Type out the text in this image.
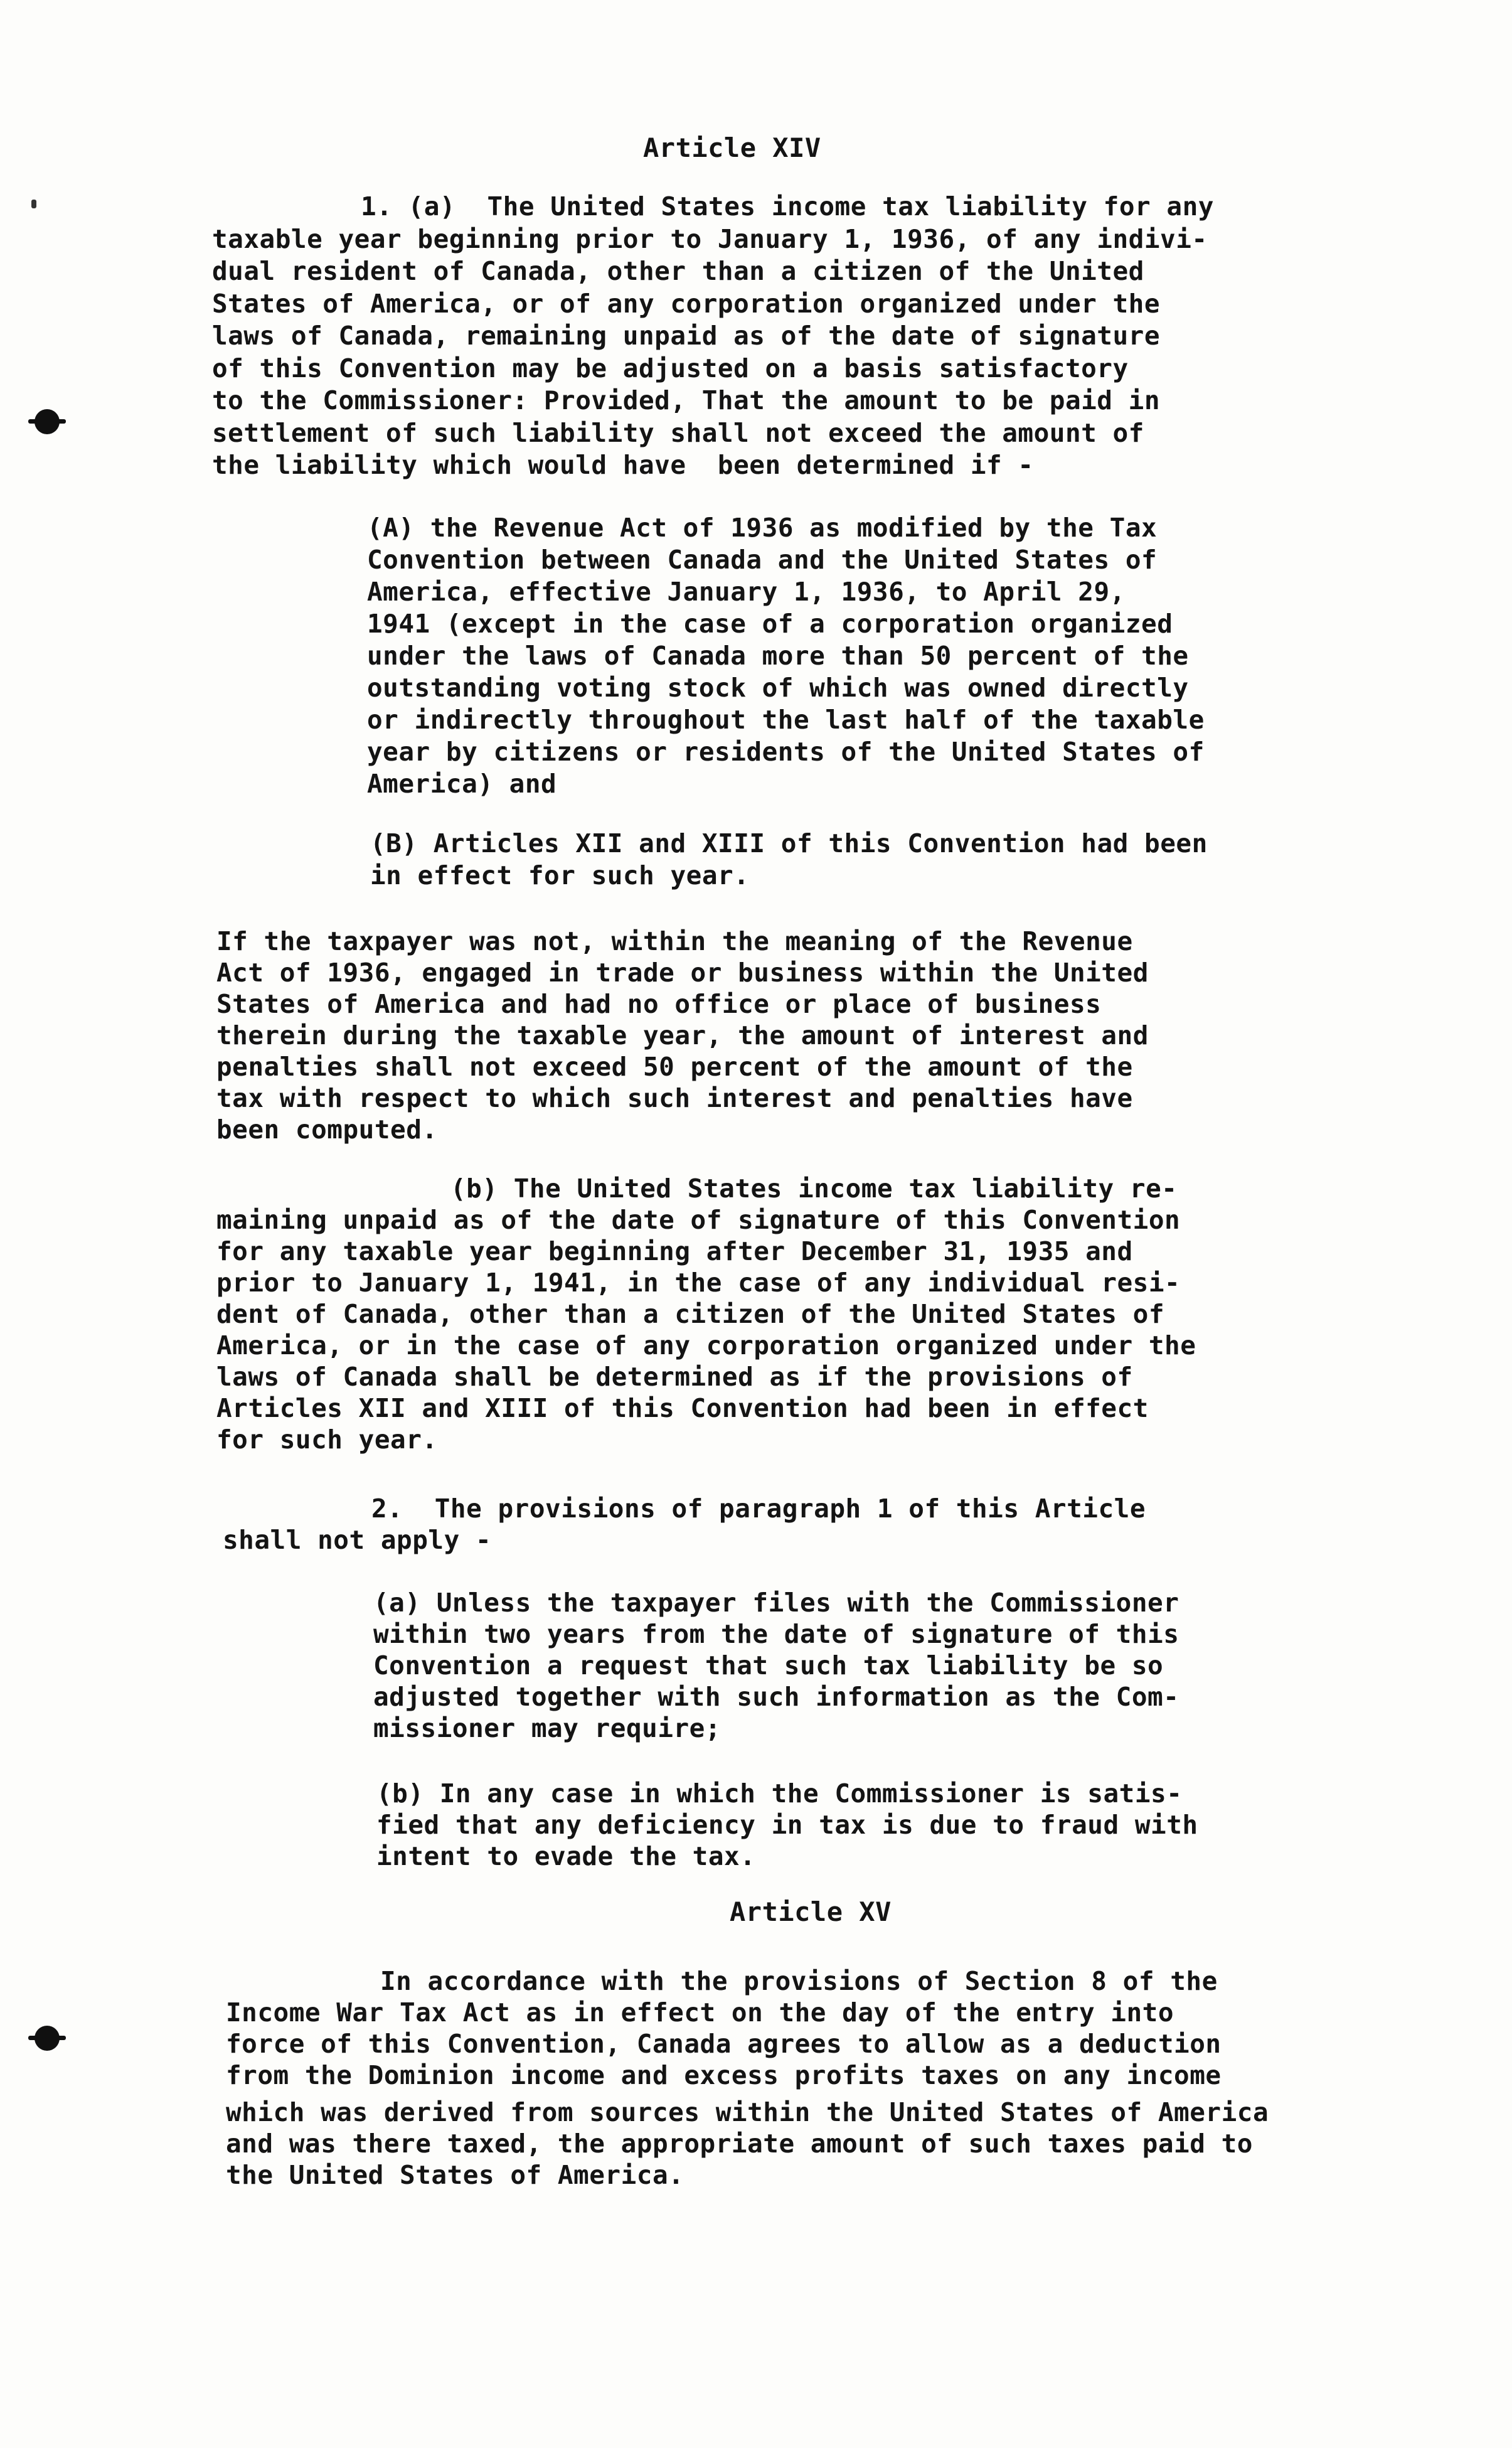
Article XIV
1. (a)  The United States income tax liability for any
taxable year beginning prior to January 1, 1936, of any indivi-
dual resident of Canada, other than a citizen of the United
States of America, or of any corporation organized under the
laws of Canada, remaining unpaid as of the date of signature
of this Convention may be adjusted on a basis satisfactory
to the Commissioner: Provided, That the amount to be paid in
settlement of such liability shall not exceed the amount of
the liability which would have  been determined if -
(A) the Revenue Act of 1936 as modified by the Tax
Convention between Canada and the United States of
America, effective January 1, 1936, to April 29,
1941 (except in the case of a corporation organized
under the laws of Canada more than 50 percent of the
outstanding voting stock of which was owned directly
or indirectly throughout the last half of the taxable
year by citizens or residents of the United States of
America) and
(B) Articles XII and XIII of this Convention had been
in effect for such year.
If the taxpayer was not, within the meaning of the Revenue
Act of 1936, engaged in trade or business within the United
States of America and had no office or place of business
therein during the taxable year, the amount of interest and
penalties shall not exceed 50 percent of the amount of the
tax with respect to which such interest and penalties have
been computed.
(b) The United States income tax liability re-
maining unpaid as of the date of signature of this Convention
for any taxable year beginning after December 31, 1935 and
prior to January 1, 1941, in the case of any individual resi-
dent of Canada, other than a citizen of the United States of
America, or in the case of any corporation organized under the
laws of Canada shall be determined as if the provisions of
Articles XII and XIII of this Convention had been in effect
for such year.
2.  The provisions of paragraph 1 of this Article
shall not apply -
(a) Unless the taxpayer files with the Commissioner
within two years from the date of signature of this
Convention a request that such tax liability be so
adjusted together with such information as the Com-
missioner may require;
(b) In any case in which the Commissioner is satis-
fied that any deficiency in tax is due to fraud with
intent to evade the tax.
Article XV
In accordance with the provisions of Section 8 of the
Income War Tax Act as in effect on the day of the entry into
force of this Convention, Canada agrees to allow as a deduction
from the Dominion income and excess profits taxes on any income
which was derived from sources within the United States of America
and was there taxed, the appropriate amount of such taxes paid to
the United States of America.
